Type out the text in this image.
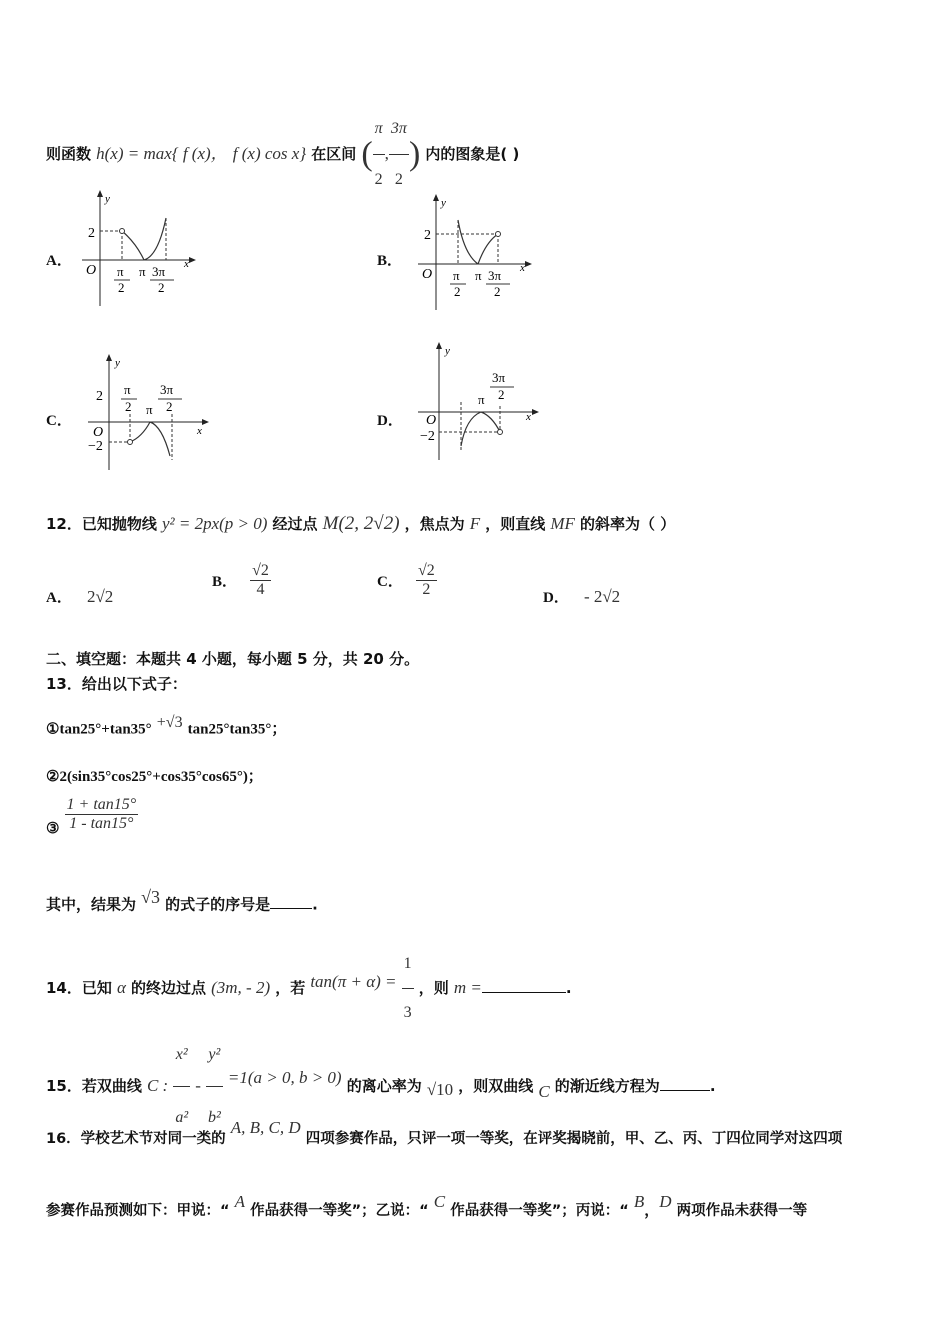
则函数 h(x) = max{ f (x)， f (x) cos x} 在区间 ( $\frac{\pi}{2}$ , $\frac{3\pi}{2}$ ) 内的图象是( )
A．
y
x
2
O π
2
π 3π
2
B．
y
x
2
O π
2
π 3π
2
C．
y
x
2
O
−2
π
2 π
3π
2
D．
y
x
O
−2
π
3π
2
12．已知抛物线 y² = 2px(p > 0) 经过点 M(2, 2√2) ，焦点为 F ，则直线 MF 的斜率为（ ）
A． 2√2
B． $\frac{√2}{4}$	C． $\frac{√2}{2}$	D． - 2√2
二、填空题：本题共 4 小题，每小题 5 分，共 20 分。
13．给出以下式子：
①tan25°+tan35° +√3 tan25°tan35°；
②2(sin35°cos25°+cos35°cos65°)；
③ $\frac{1 + \tan 15^\circ}{1 - \tan 15^\circ}$
其中，结果为 √3 的式子的序号是	.
14．已知 α 的终边过点 (3m, - 2) ，若 $\tan(\pi + \alpha) = \frac{1}{3}$ ，则 m =	.
15．若双曲线 C : $\frac{\text{x²}}{\text{a²}} - \frac{\text{y²}}{\text{b²}} =1(a > 0$, b > 0) 的离心率为 √10 ，则双曲线 C 的渐近线方程为	.
16．学校艺术节对同一类的 A, B, C, D 四项参赛作品，只评一项一等奖，在评奖揭晓前，甲、乙、丙、丁四位同学对这四项
参赛作品预测如下：甲说：“ A 作品获得一等奖”；乙说：“ C 作品获得一等奖”；丙说：“ B，D 两项作品未获得一等
